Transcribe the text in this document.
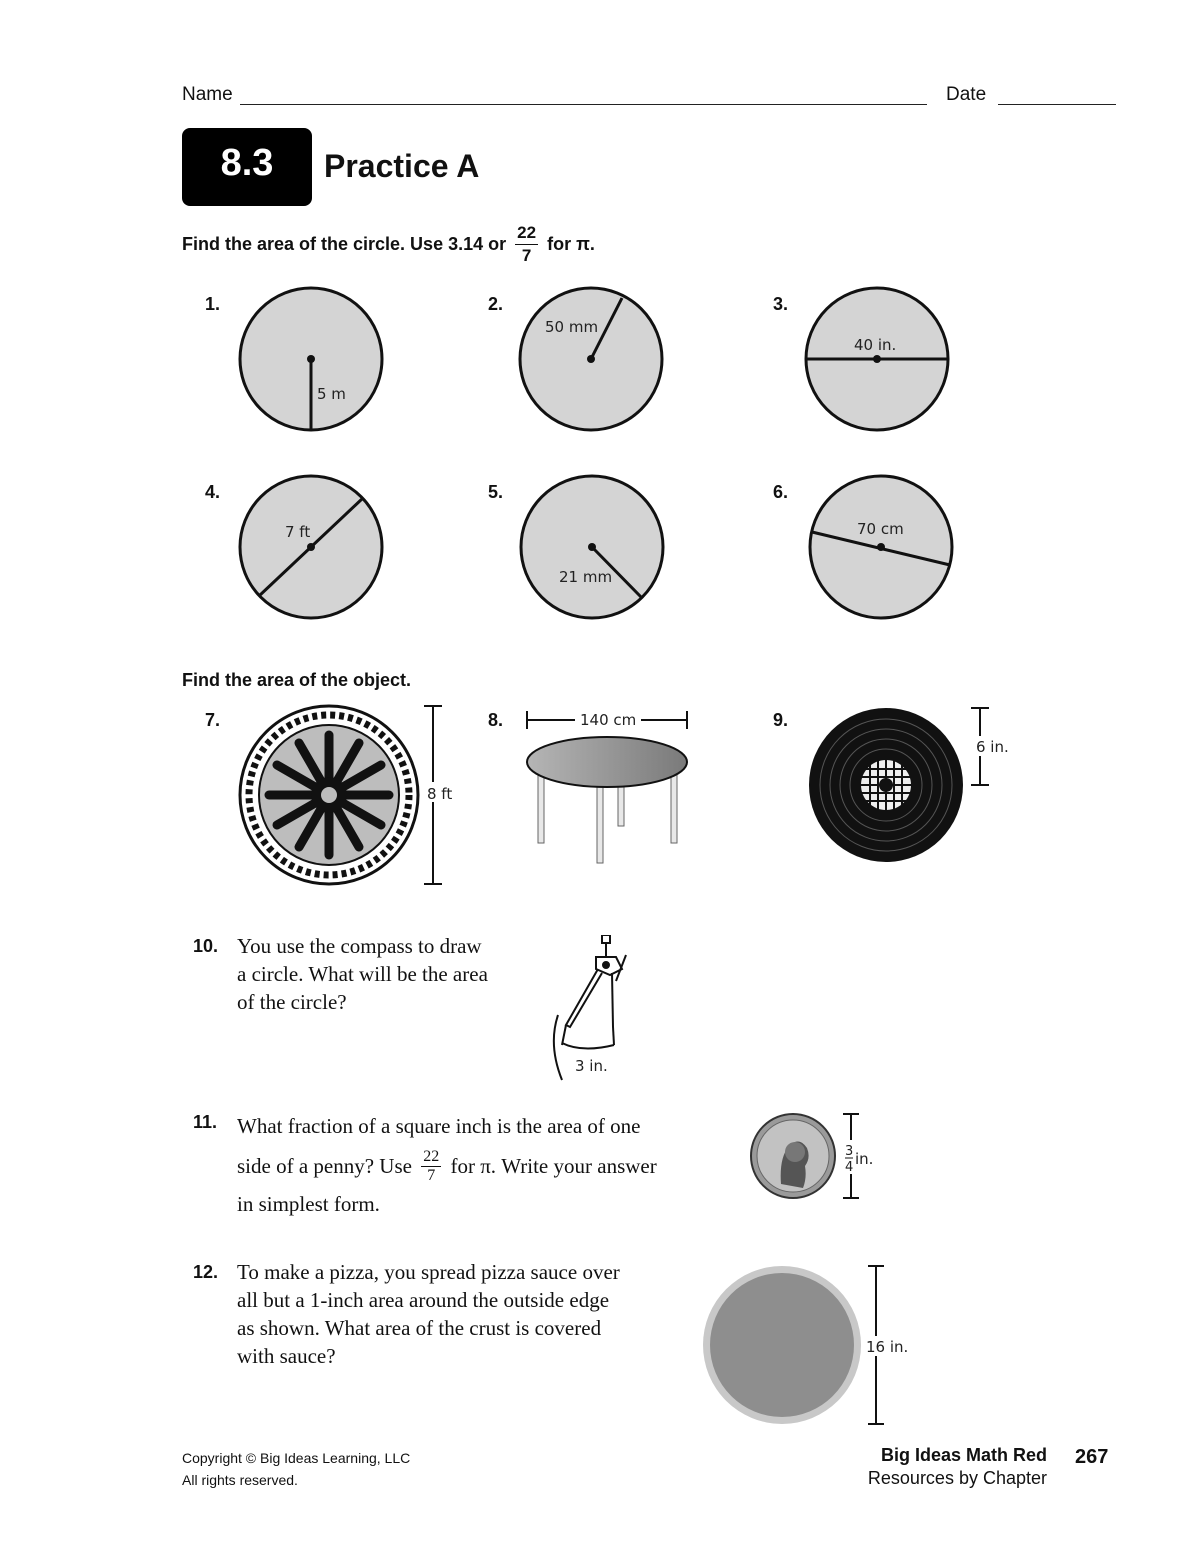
Name	Date
8.3	Practice A
Find the area of the circle. Use 3.14 or $\frac{22}{7}$ for π.
1.	2.	3.
4.	5.	6.
5 m
50 mm
40 in.
7 ft
21 mm
70 cm
Find the area of the object.
7.	8.	9.
8 ft
140 cm
6 in.
10. You use the compass to draw
a circle. What will be the area
of the circle?
3 in.
11. What fraction of a square inch is the area of one
side of a penny? Use $\frac{22}{7}$ for π. Write your answer
in simplest form.
3
4 in.
12. To make a pizza, you spread pizza sauce over
all but a 1-inch area around the outside edge
as shown. What area of the crust is covered
with sauce?	16 in.
Copyright © Big Ideas Learning, LLC
All rights reserved.
Big Ideas Math Red
Resources by Chapter
267
